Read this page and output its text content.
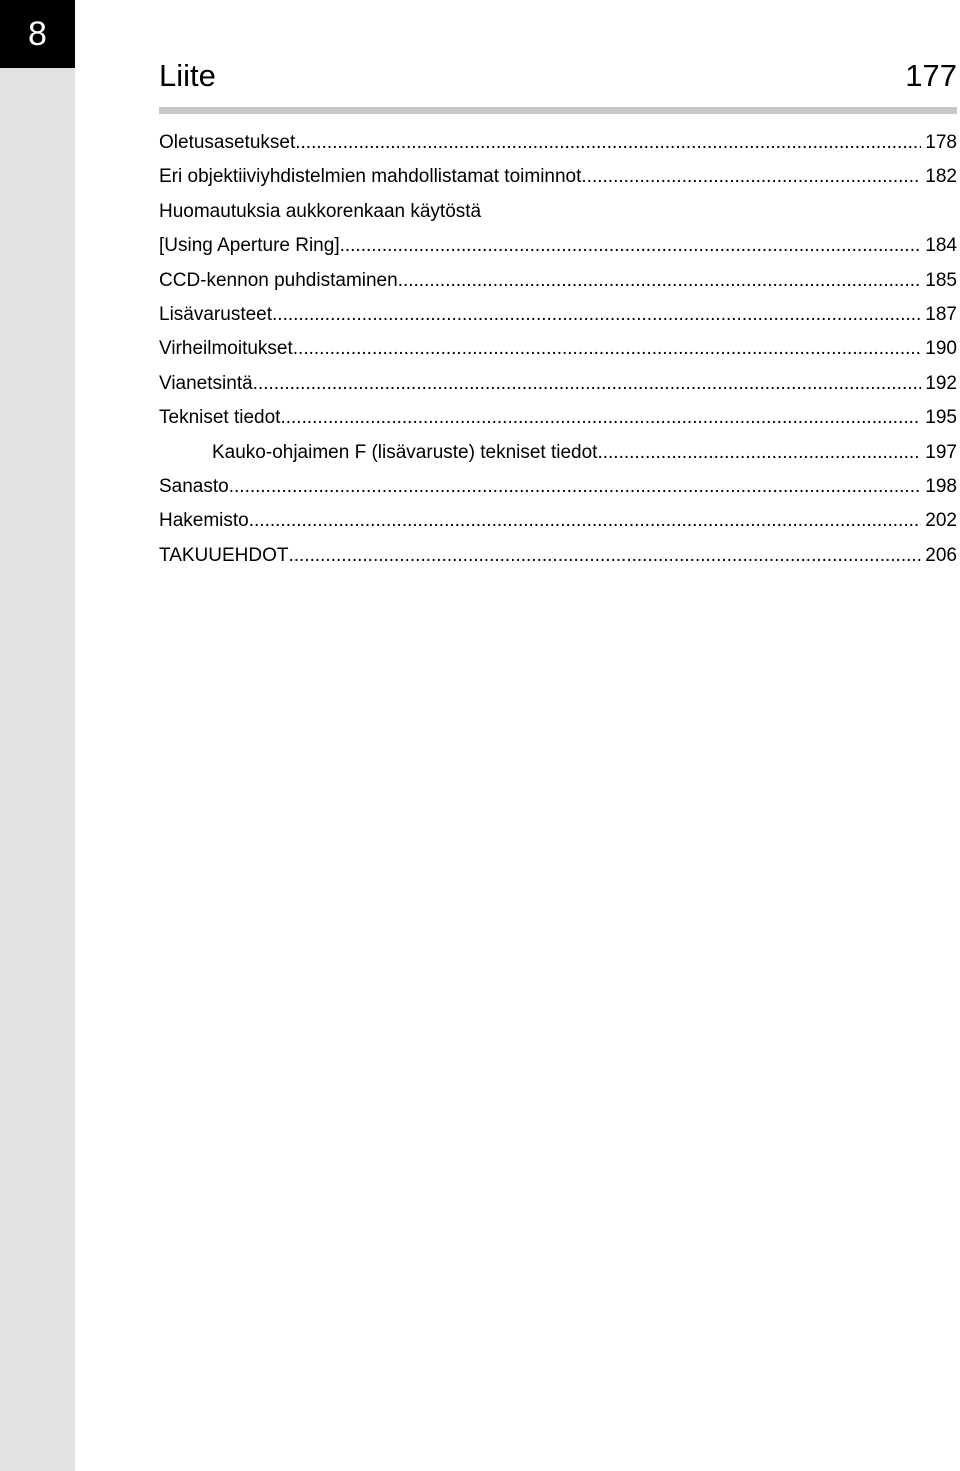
8
Liite	177
Oletusasetukset .....	178
Eri objektiiviyhdistelmien mahdollistamat toiminnot .....	182
Huomautuksia aukkorenkaan käytöstä
[Using Aperture Ring] .....	184
CCD-kennon puhdistaminen .....	185
Lisävarusteet .....	187
Virheilmoitukset .....	190
Vianetsintä .....	192
Tekniset tiedot .....	195
Kauko-ohjaimen F (lisävaruste) tekniset tiedot .....	197
Sanasto .....	198
Hakemisto .....	202
TAKUUEHDOT .....	206
